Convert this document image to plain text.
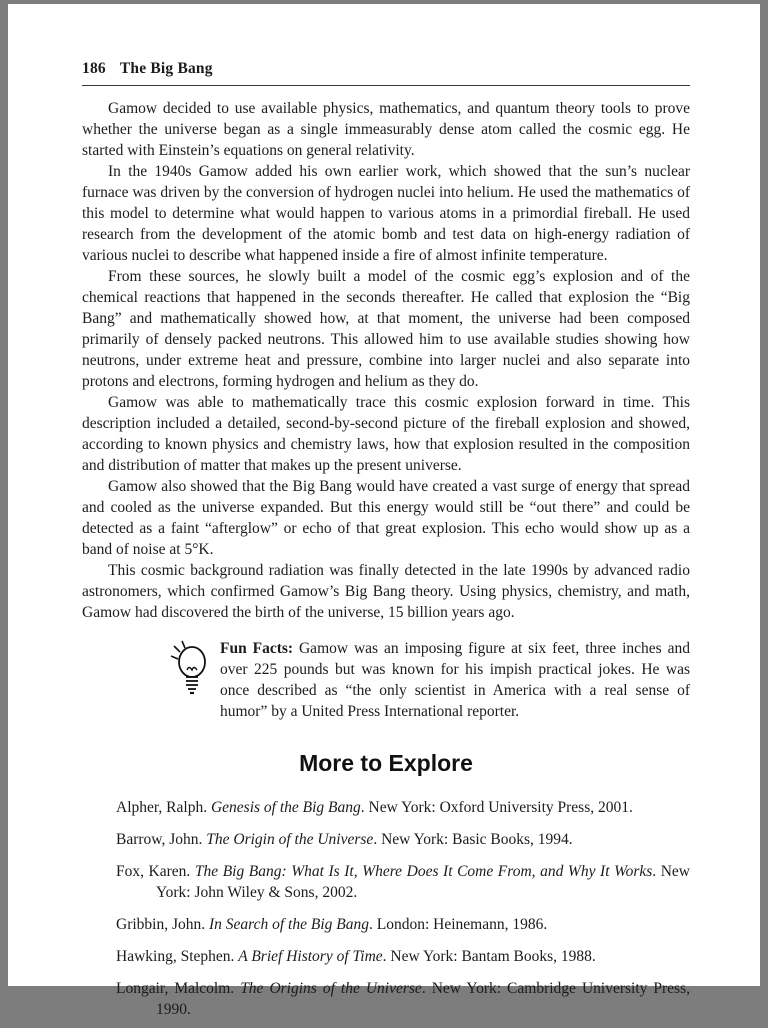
186 The Big Bang

Gamow decided to use available physics, mathematics, and quantum theory tools to prove whether the universe began as a single immeasurably dense atom called the cosmic egg. He started with Einstein’s equations on general relativity.

In the 1940s Gamow added his own earlier work, which showed that the sun’s nuclear furnace was driven by the conversion of hydrogen nuclei into helium. He used the mathematics of this model to determine what would happen to various atoms in a primordial fireball. He used research from the development of the atomic bomb and test data on high-energy radiation of various nuclei to describe what happened inside a fire of almost infinite temperature.

From these sources, he slowly built a model of the cosmic egg’s explosion and of the chemical reactions that happened in the seconds thereafter. He called that explosion the “Big Bang” and mathematically showed how, at that moment, the universe had been composed primarily of densely packed neutrons. This allowed him to use available studies showing how neutrons, under extreme heat and pressure, combine into larger nuclei and also separate into protons and electrons, forming hydrogen and helium as they do.

Gamow was able to mathematically trace this cosmic explosion forward in time. This description included a detailed, second-by-second picture of the fireball explosion and showed, according to known physics and chemistry laws, how that explosion resulted in the composition and distribution of matter that makes up the present universe.

Gamow also showed that the Big Bang would have created a vast surge of energy that spread and cooled as the universe expanded. But this energy would still be “out there” and could be detected as a faint “afterglow” or echo of that great explosion. This echo would show up as a band of noise at 5°K.

This cosmic background radiation was finally detected in the late 1990s by advanced radio astronomers, which confirmed Gamow’s Big Bang theory. Using physics, chemistry, and math, Gamow had discovered the birth of the universe, 15 billion years ago.

Fun Facts: Gamow was an imposing figure at six feet, three inches and over 225 pounds but was known for his impish practical jokes. He was once described as “the only scientist in America with a real sense of humor” by a United Press International reporter.
More to Explore

Alpher, Ralph. Genesis of the Big Bang. New York: Oxford University Press, 2001.

Barrow, John. The Origin of the Universe. New York: Basic Books, 1994.

Fox, Karen. The Big Bang: What Is It, Where Does It Come From, and Why It Works. New York: John Wiley & Sons, 2002.

Gribbin, John. In Search of the Big Bang. London: Heinemann, 1986.

Hawking, Stephen. A Brief History of Time. New York: Bantam Books, 1988.

Longair, Malcolm. The Origins of the Universe. New York: Cambridge University Press, 1990.
